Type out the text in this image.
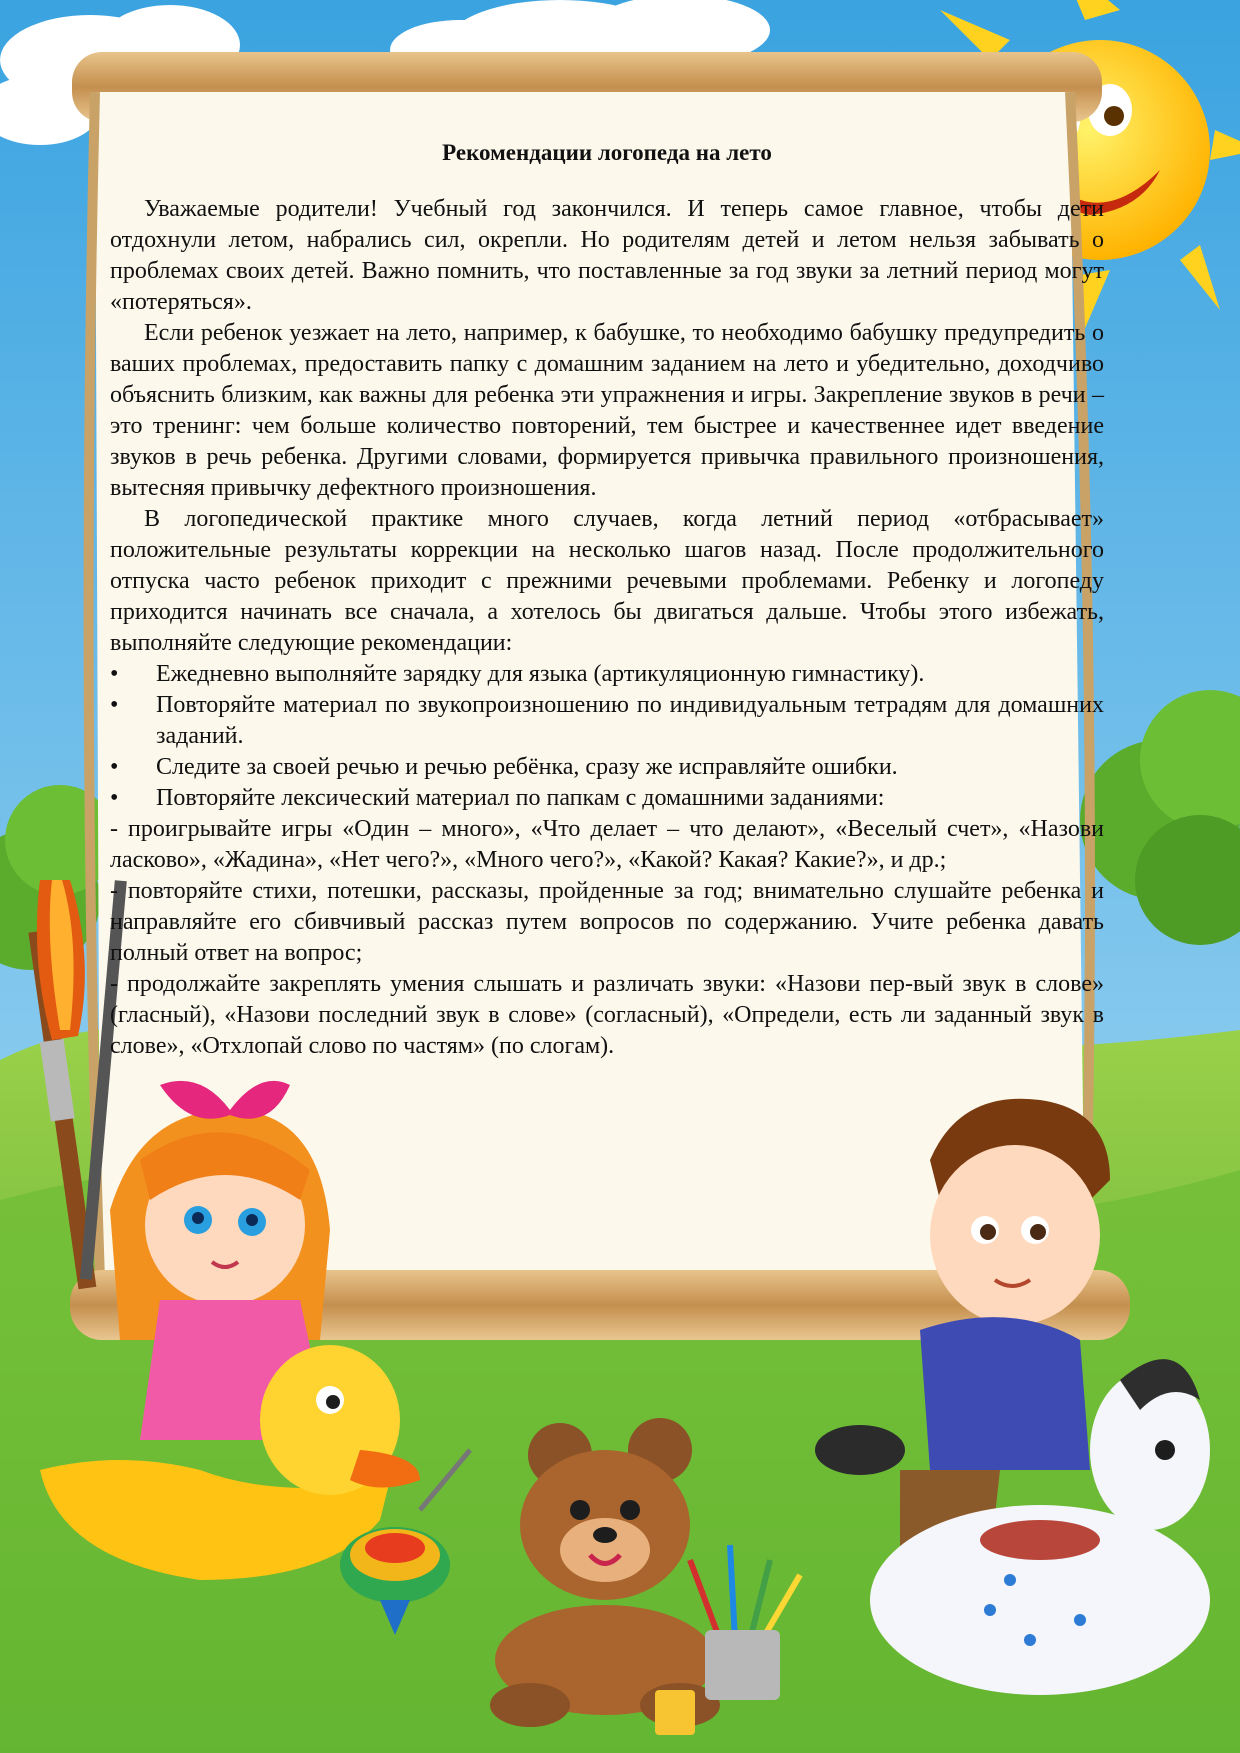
Рекомендации логопеда на лето

Уважаемые родители! Учебный год закончился. И теперь самое главное, чтобы дети отдохнули летом, набрались сил, окрепли. Но родителям детей и летом нельзя забывать о проблемах своих детей. Важно помнить, что поставленные за год звуки за летний период могут «потеряться».

Если ребенок уезжает на лето, например, к бабушке, то необходимо бабушку предупредить о ваших проблемах, предоставить папку с домашним заданием на лето и убедительно, доходчиво объяснить близким, как важны для ребенка эти упражнения и игры. Закрепление звуков в речи – это тренинг: чем больше количество повторений, тем быстрее и качественнее идет введение звуков в речь ребенка. Другими словами, формируется привычка правильного произношения, вытесняя привычку дефектного произношения.

В логопедической практике много случаев, когда летний период «отбрасывает» положительные результаты коррекции на несколько шагов назад. После продолжительного отпуска часто ребенок приходит с прежними речевыми проблемами. Ребенку и логопеду приходится начинать все сначала, а хотелось бы двигаться дальше. Чтобы этого избежать, выполняйте следующие рекомендации:

• Ежедневно выполняйте зарядку для языка (артикуляционную гимнастику).
• Повторяйте материал по звукопроизношению по индивидуальным тетрадям для домашних заданий.
• Следите за своей речью и речью ребёнка, сразу же исправляйте ошибки.
• Повторяйте лексический материал по папкам с домашними заданиями:

- проигрывайте игры «Один – много», «Что делает – что делают», «Веселый счет», «Назови ласково», «Жадина», «Нет чего?», «Много чего?», «Какой? Какая? Какие?», и др.;

- повторяйте стихи, потешки, рассказы, пройденные за год; внимательно слушайте ребенка и направляйте его сбивчивый рассказ путем вопросов по содержанию. Учите ребенка давать полный ответ на вопрос;

- продолжайте закреплять умения слышать и различать звуки: «Назови пер-вый звук в слове» (гласный), «Назови последний звук в слове» (согласный), «Определи, есть ли заданный звук в слове», «Отхлопай слово по частям» (по слогам).
